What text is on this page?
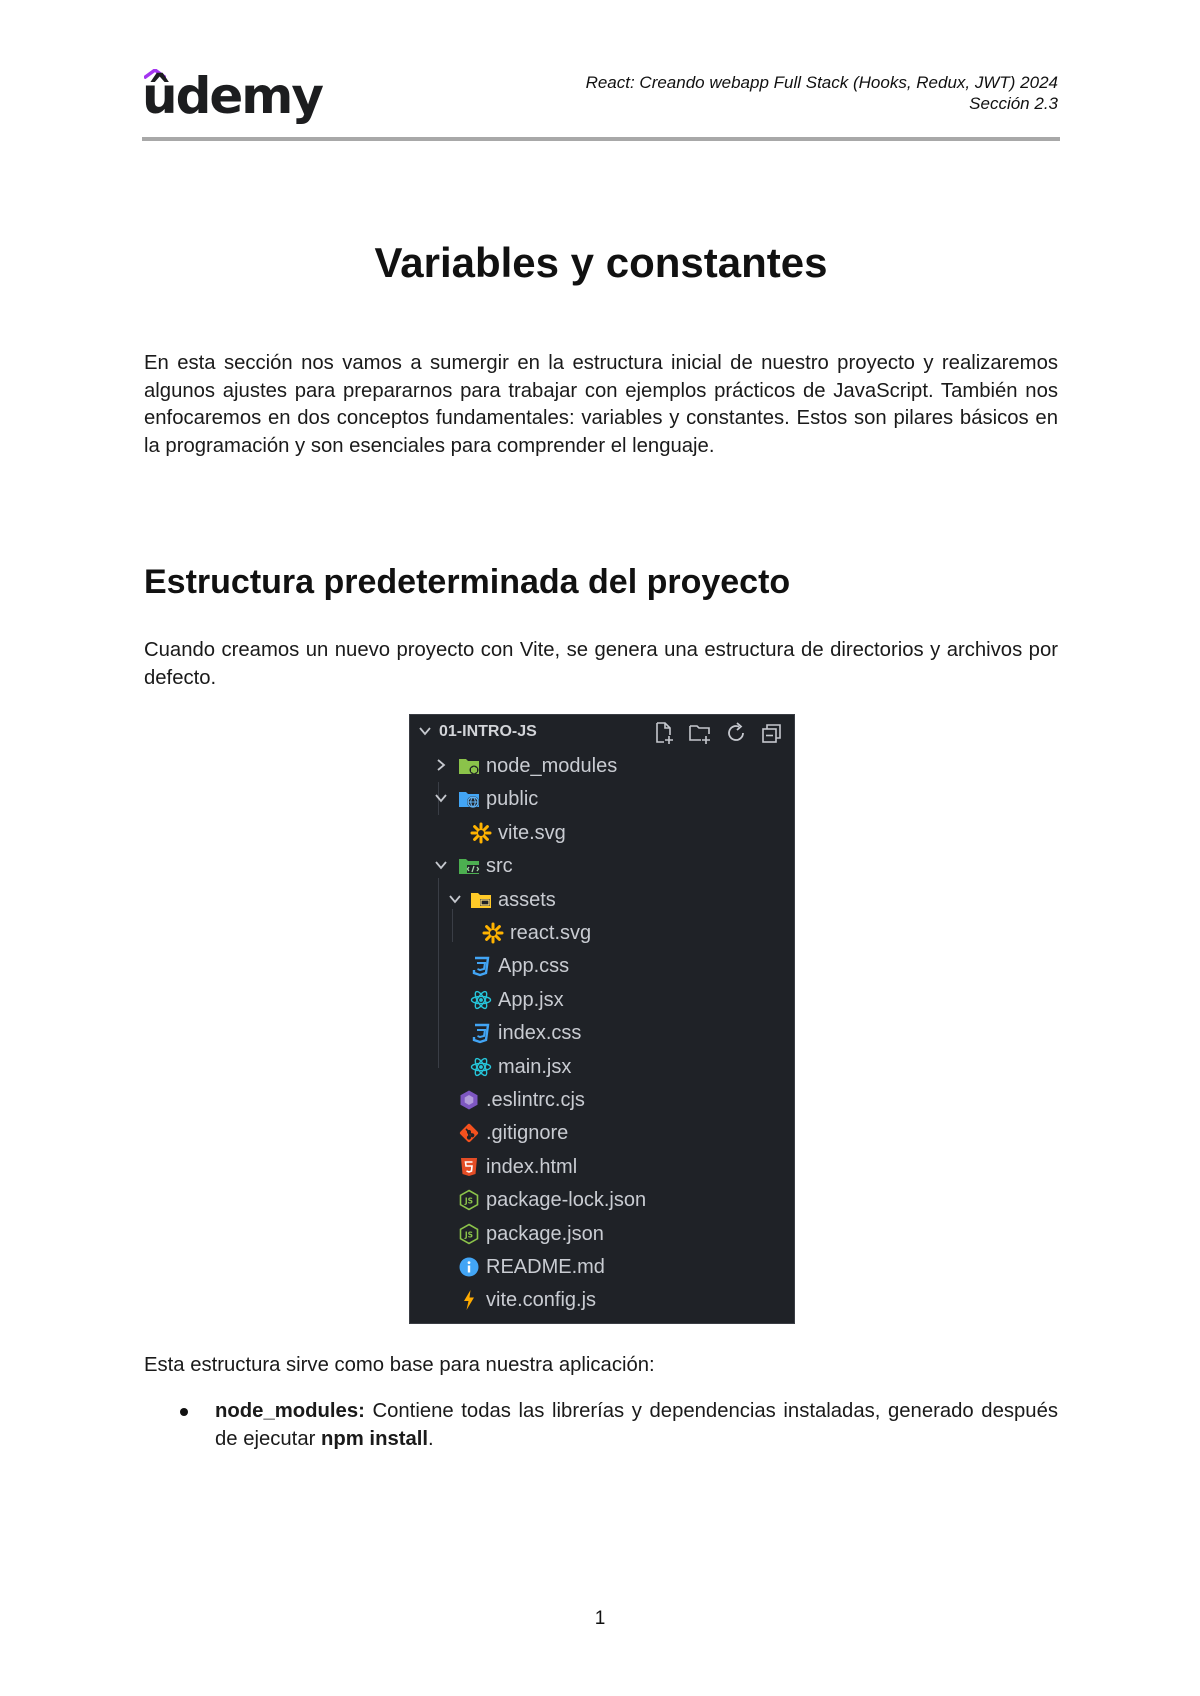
ûdemy	React: Creando webapp Full Stack (Hooks, Redux, JWT) 2024
Sección 2.3
Variables y constantes

En esta sección nos vamos a sumergir en la estructura inicial de nuestro proyecto y realizaremos algunos ajustes para prepararnos para trabajar con ejemplos prácticos de JavaScript. También nos enfocaremos en dos conceptos fundamentales: variables y constantes. Estos son pilares básicos en la programación y son esenciales para comprender el lenguaje.

Estructura predeterminada del proyecto

Cuando creamos un nuevo proyecto con Vite, se genera una estructura de directorios y archivos por defecto.

01-INTRO-JS
node_modules
public
vite.svg
src
assets
react.svg
App.css
App.jsx
index.css
main.jsx
.eslintrc.cjs
.gitignore
index.html
JS package-lock.json
JS package.json
README.md
vite.config.js

Esta estructura sirve como base para nuestra aplicación:

node_modules: Contiene todas las librerías y dependencias instaladas, generado después de ejecutar npm install.
1
